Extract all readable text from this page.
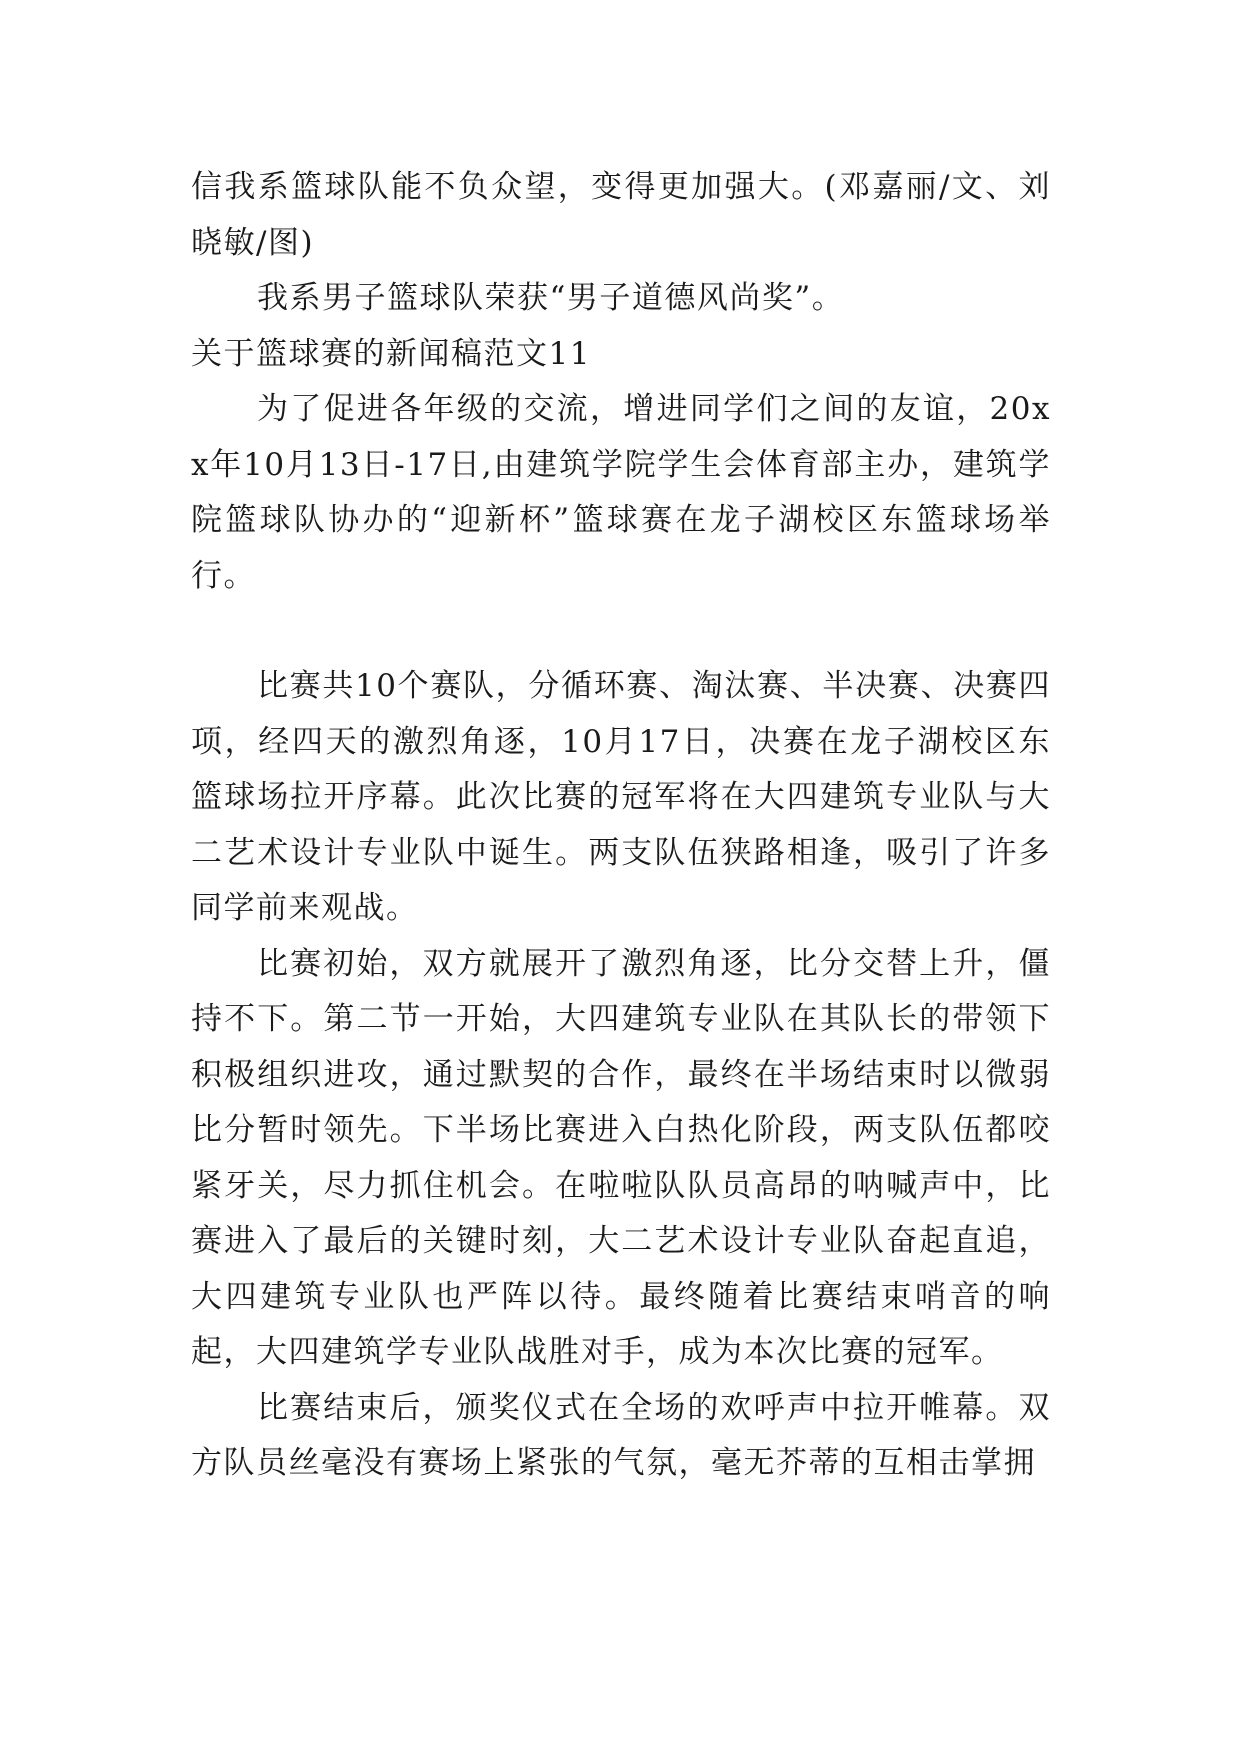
信我系篮球队能不负众望，变得更加强大。(邓嘉丽/文、刘晓敏/图)

我系男子篮球队荣获“男子道德风尚奖”。

关于篮球赛的新闻稿范文11

为了促进各年级的交流，增进同学们之间的友谊，20xx年10月13日-17日,由建筑学院学生会体育部主办，建筑学院篮球队协办的“迎新杯”篮球赛在龙子湖校区东篮球场举行。

比赛共10个赛队，分循环赛、淘汰赛、半决赛、决赛四项，经四天的激烈角逐，10月17日，决赛在龙子湖校区东篮球场拉开序幕。此次比赛的冠军将在大四建筑专业队与大二艺术设计专业队中诞生。两支队伍狭路相逢，吸引了许多同学前来观战。

比赛初始，双方就展开了激烈角逐，比分交替上升，僵持不下。第二节一开始，大四建筑专业队在其队长的带领下积极组织进攻，通过默契的合作，最终在半场结束时以微弱比分暂时领先。下半场比赛进入白热化阶段，两支队伍都咬紧牙关，尽力抓住机会。在啦啦队队员高昂的呐喊声中，比赛进入了最后的关键时刻，大二艺术设计专业队奋起直追，大四建筑专业队也严阵以待。最终随着比赛结束哨音的响起，大四建筑学专业队战胜对手，成为本次比赛的冠军。

比赛结束后，颁奖仪式在全场的欢呼声中拉开帷幕。双方队员丝毫没有赛场上紧张的气氛，毫无芥蒂的互相击掌拥
